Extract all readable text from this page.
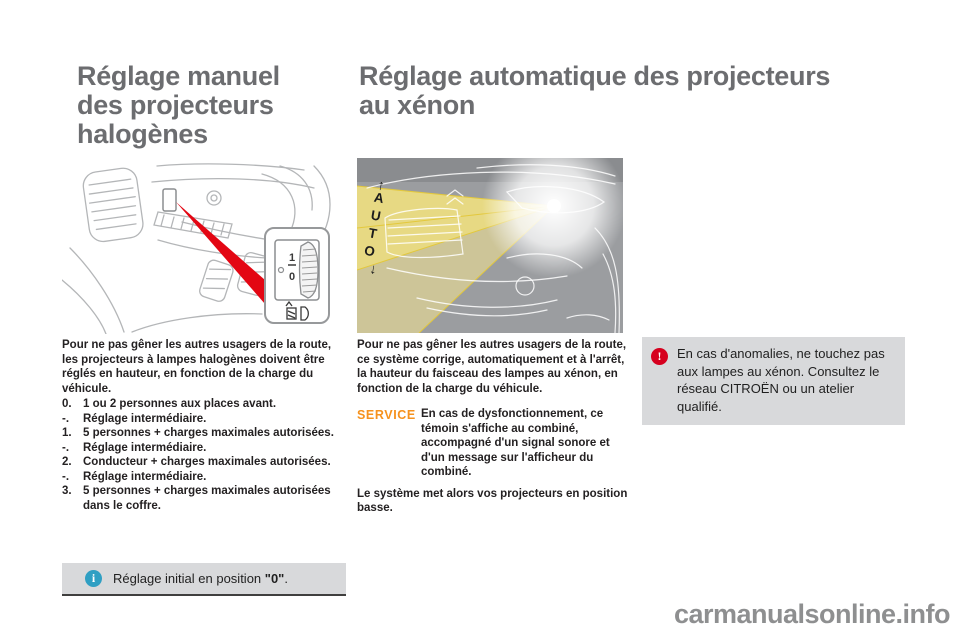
Réglage manuel
des projecteurs
halogènes
Réglage automatique des projecteurs
au xénon
1
0
↑
AUTO
↓

Pour ne pas gêner les autres usagers de la route, les projecteurs à lampes halogènes doivent être réglés en hauteur, en fonction de la charge du véhicule.

0. 1 ou 2 personnes aux places avant.
-.	Réglage intermédiaire.
1. 5 personnes + charges maximales autorisées.
-.	Réglage intermédiaire.
2. Conducteur + charges maximales autorisées.
-.	Réglage intermédiaire.
3. 5 personnes + charges maximales autorisées dans le coffre.

Pour ne pas gêner les autres usagers de la route, ce système corrige, automatiquement et à l'arrêt, la hauteur du faisceau des lampes au xénon, en fonction de la charge du véhicule.

SERVICE En cas de dysfonctionnement, ce témoin s'affiche au combiné, accompagné d'un signal sonore et d'un message sur l'afficheur du combiné.

Le système met alors vos projecteurs en position basse.

i	Réglage initial en position "0".

!	En cas d'anomalies, ne touchez pas aux lampes au xénon. Consultez le réseau CITROËN ou un atelier qualifié.

carmanualsonline.info
